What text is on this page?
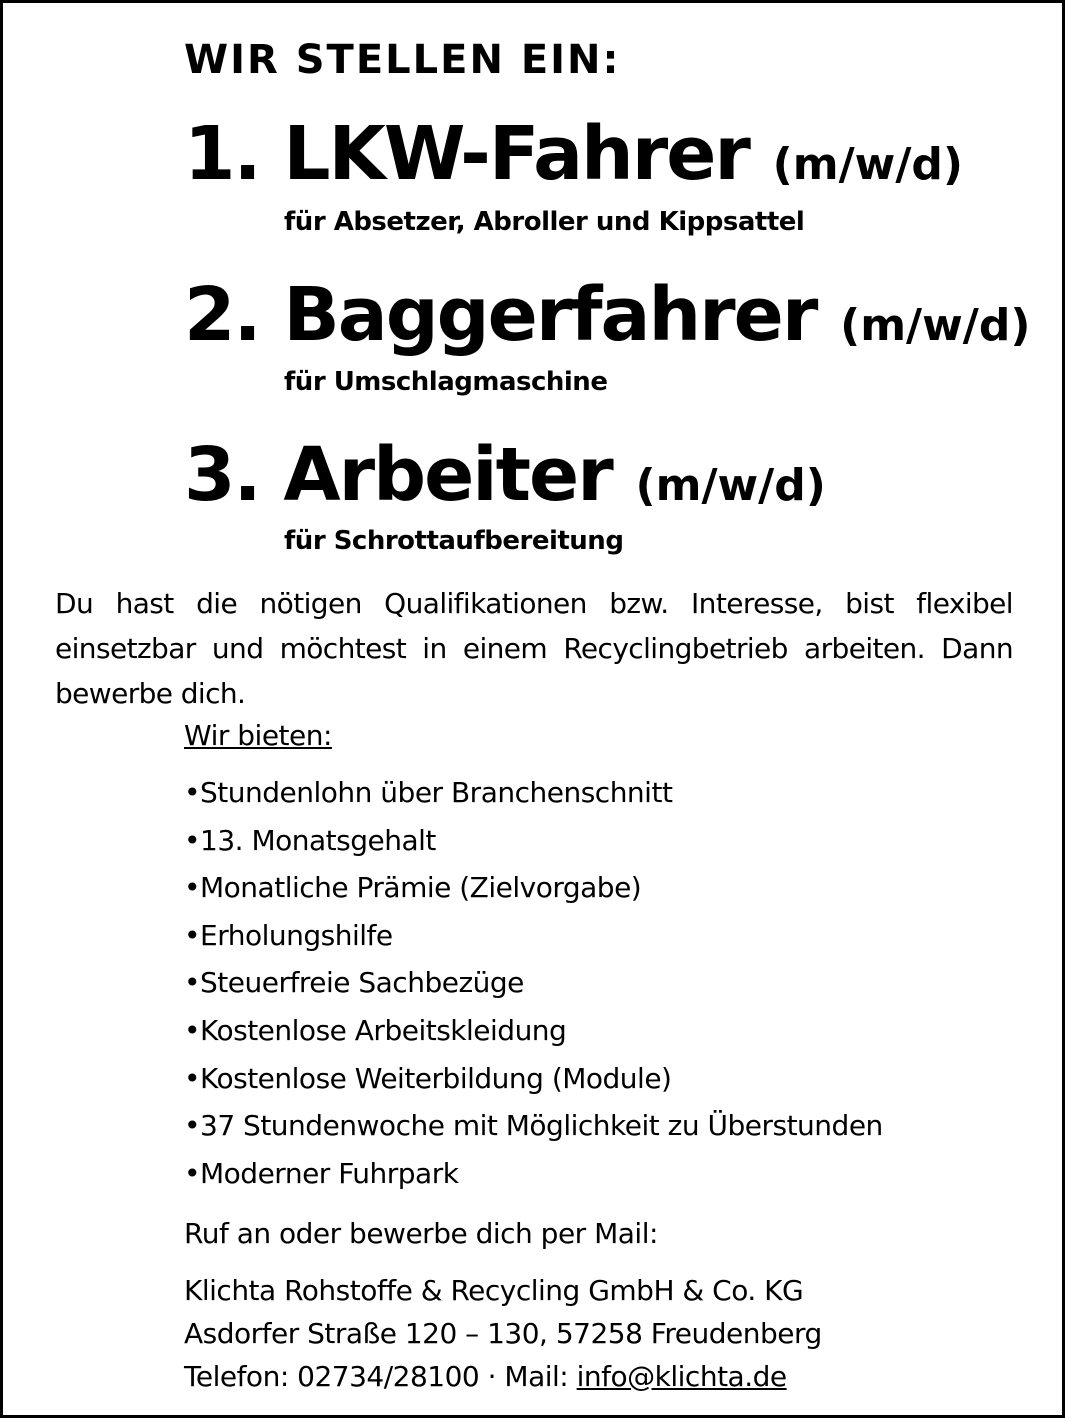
WIR STELLEN EIN:
1. LKW-Fahrer (m/w/d)
für Absetzer, Abroller und Kippsattel
2. Baggerfahrer (m/w/d)
für Umschlagmaschine
3. Arbeiter (m/w/d)
für Schrottaufbereitung
Du hast die nötigen Qualifikationen bzw. Interesse, bist flexibel einsetzbar und möchtest in einem Recyclingbetrieb arbeiten. Dann bewerbe dich.
Wir bieten:
• Stundenlohn über Branchenschnitt
• 13. Monatsgehalt
• Monatliche Prämie (Zielvorgabe)
• Erholungshilfe
• Steuerfreie Sachbezüge
• Kostenlose Arbeitskleidung
• Kostenlose Weiterbildung (Module)
• 37 Stundenwoche mit Möglichkeit zu Überstunden
• Moderner Fuhrpark
Ruf an oder bewerbe dich per Mail:
Klichta Rohstoffe & Recycling GmbH & Co. KG
Asdorfer Straße 120 – 130, 57258 Freudenberg
Telefon: 02734/28100 · Mail: info@klichta.de
